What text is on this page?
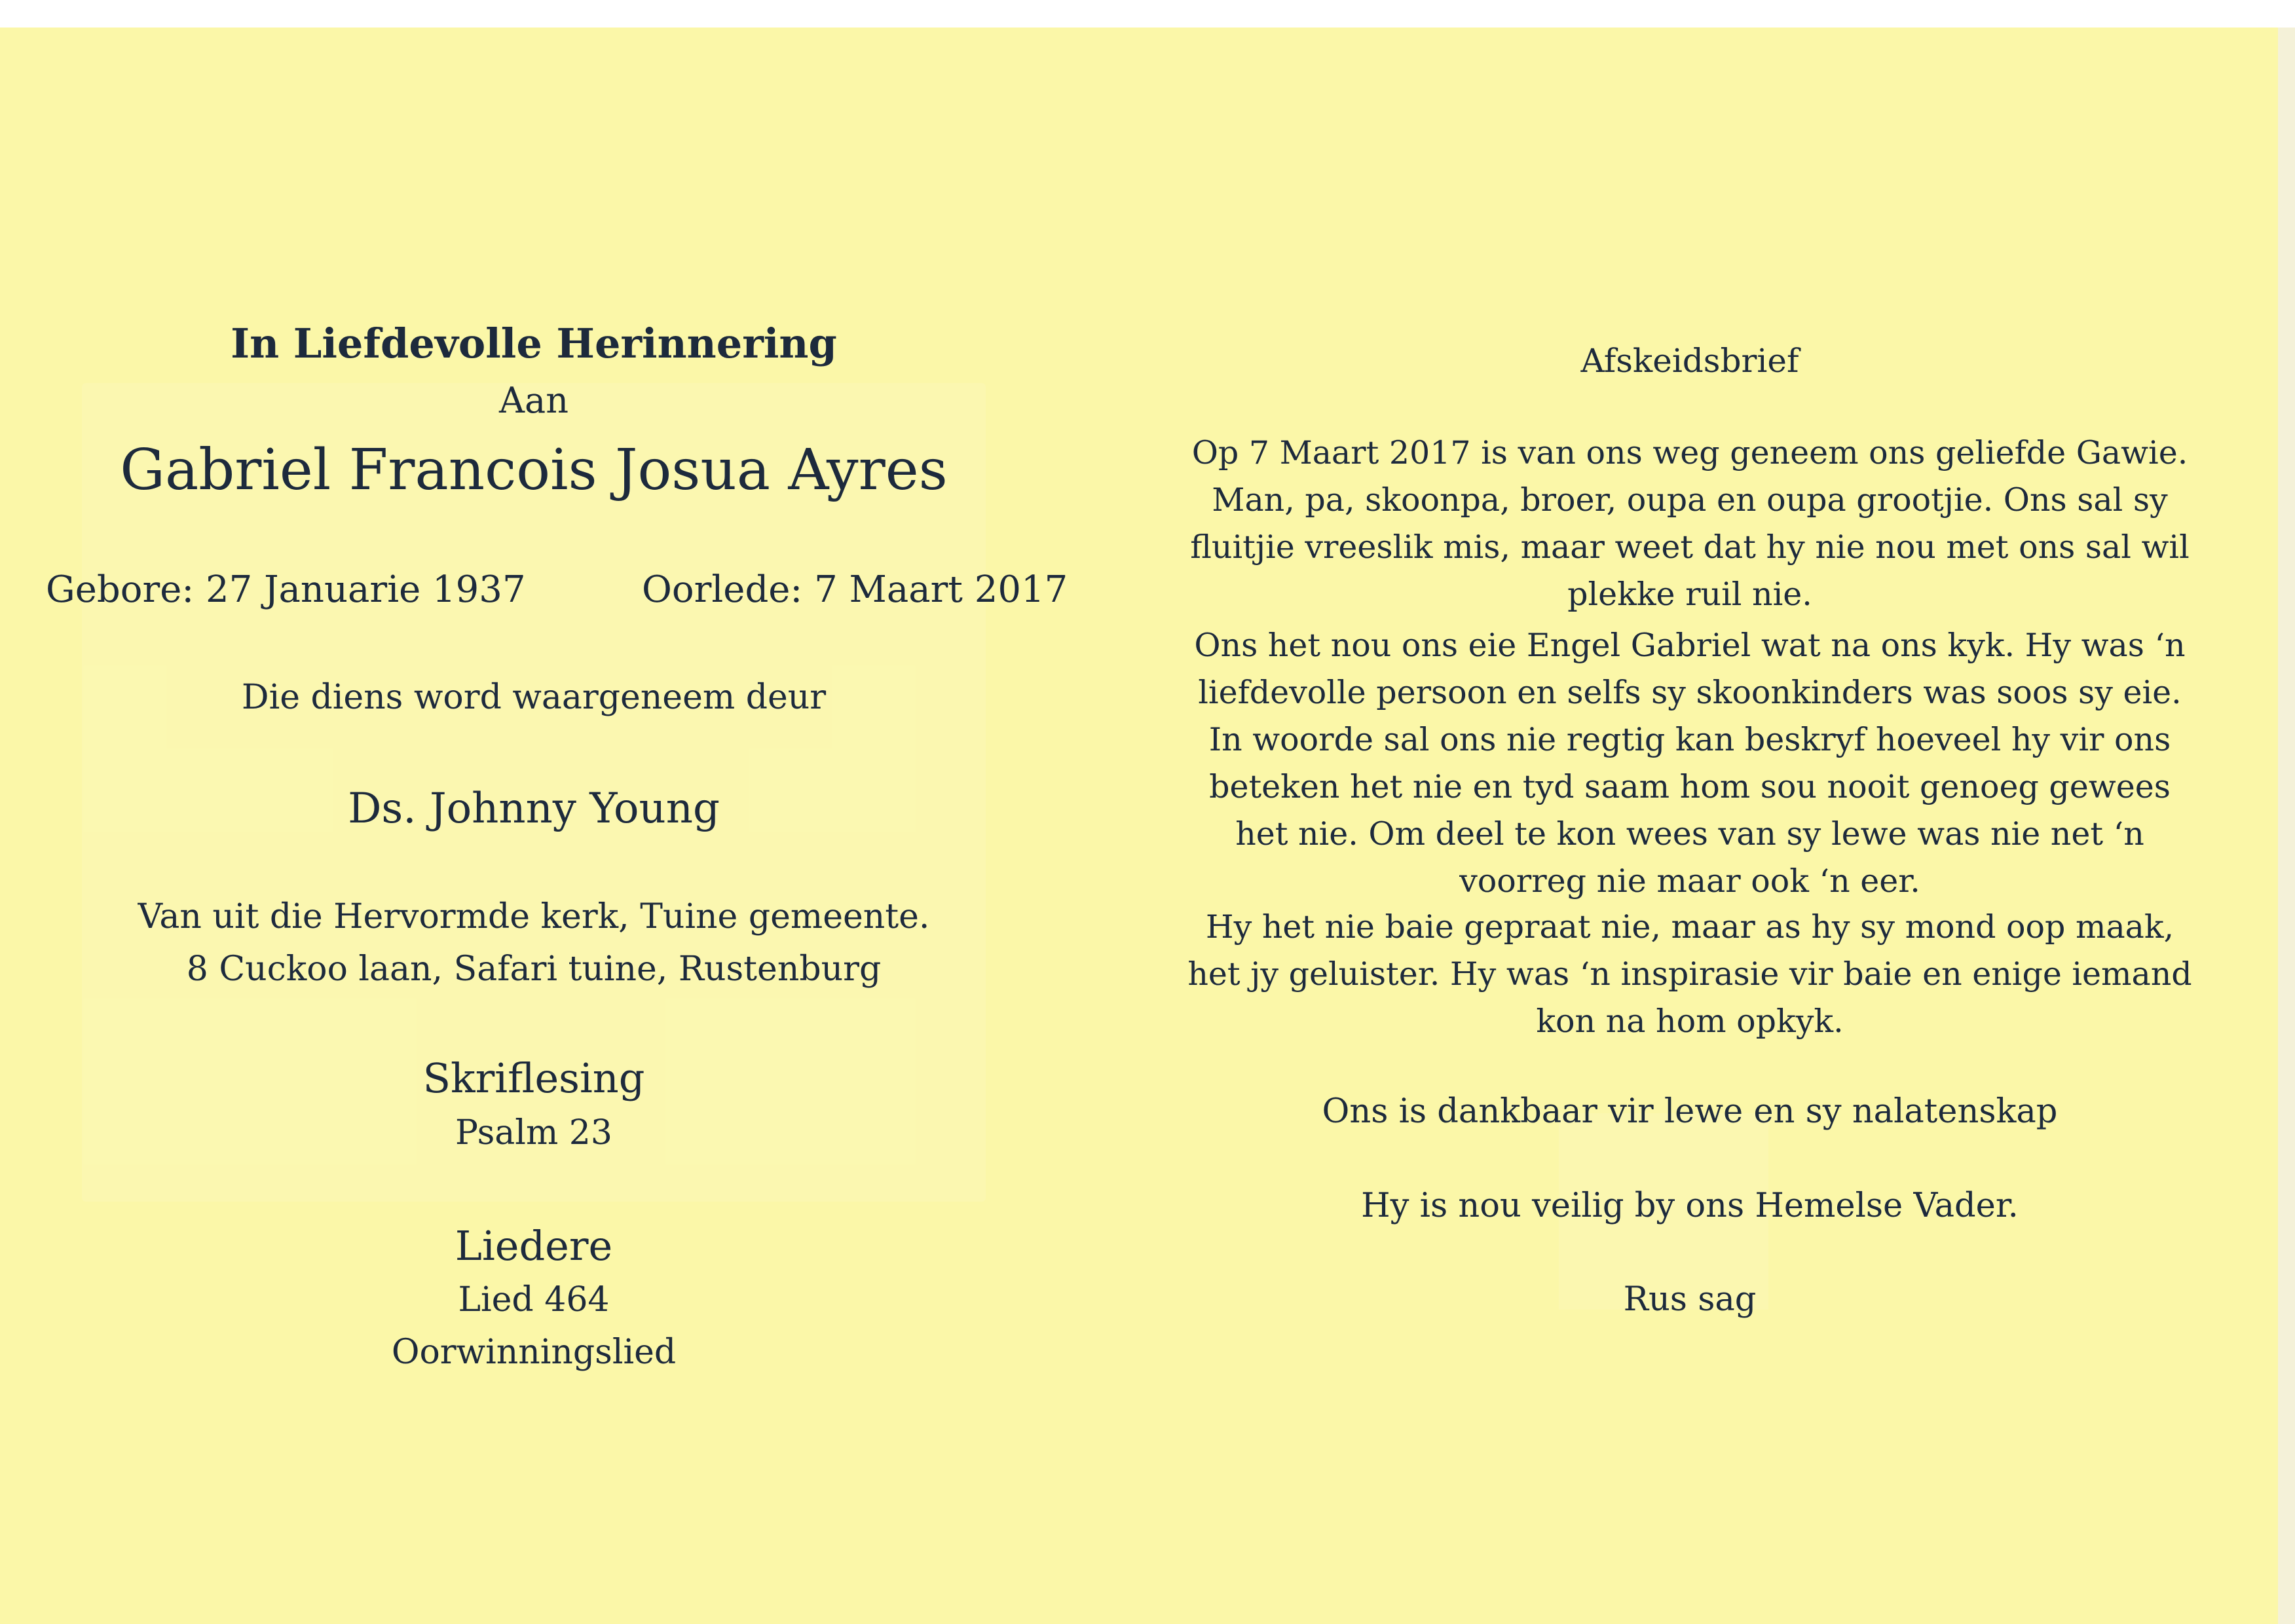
In Liefdevolle Herinnering
Aan
Gabriel Francois Josua Ayres
Gebore: 27 Januarie 1937	Oorlede: 7 Maart 2017
Die diens word waargeneem deur
Ds. Johnny Young
Van uit die Hervormde kerk, Tuine gemeente.
8 Cuckoo laan, Safari tuine, Rustenburg
Skriflesing
Psalm 23
Liedere
Lied 464
Oorwinningslied
Afskeidsbrief

Op 7 Maart 2017 is van ons weg geneem ons geliefde Gawie. Man, pa, skoonpa, broer, oupa en oupa grootjie. Ons sal sy fluitjie vreeslik mis, maar weet dat hy nie nou met ons sal wil plekke ruil nie.

Ons het nou ons eie Engel Gabriel wat na ons kyk. Hy was ‘n liefdevolle persoon en selfs sy skoonkinders was soos sy eie. In woorde sal ons nie regtig kan beskryf hoeveel hy vir ons beteken het nie en tyd saam hom sou nooit genoeg gewees het nie. Om deel te kon wees van sy lewe was nie net ‘n voorreg nie maar ook ‘n eer.

Hy het nie baie gepraat nie, maar as hy sy mond oop maak, het jy geluister. Hy was ‘n inspirasie vir baie en enige iemand kon na hom opkyk.

Ons is dankbaar vir lewe en sy nalatenskap
Hy is nou veilig by ons Hemelse Vader.
Rus sag
